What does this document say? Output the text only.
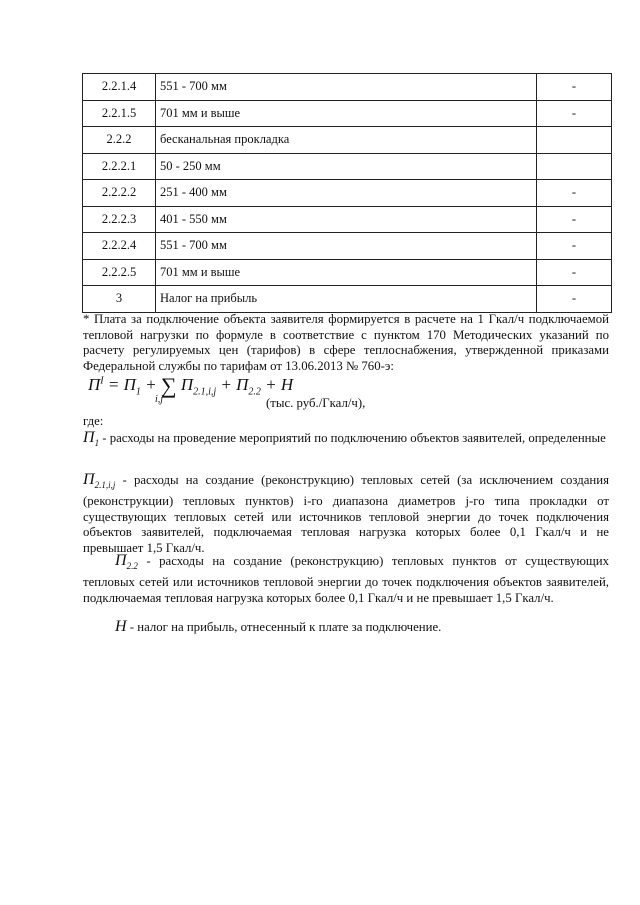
2.2.1.4	551 - 700 мм	-
2.2.1.5	701 мм и выше	-
2.2.2	бесканальная прокладка	
2.2.2.1	50 - 250 мм	
2.2.2.2	251 - 400 мм	-
2.2.2.3	401 - 550 мм	-
2.2.2.4	551 - 700 мм	-
2.2.2.5	701 мм и выше	-
3	Налог на прибыль	-
* Плата за подключение объекта заявителя формируется в расчете на 1 Гкал/ч подключаемой тепловой нагрузки по формуле в соответствие с пунктом 170 Методических указаний по расчету регулируемых цен (тарифов) в сфере теплоснабжения, утвержденной приказами Федеральной службы по тарифам от 13.06.2013 № 760-э:
$П^I = П_1$ + ∑ $П_{2.1,i,j} + П_{2.2} + Н$
i,j	(тыс. руб./Гкал/ч),
где:
$П_1$ - расходы на проведение мероприятий по подключению объектов заявителей, определенные
$П_{2.1,i,j}$ - расходы на создание (реконструкцию) тепловых сетей (за исключением создания (реконструкции) тепловых пунктов) i-го диапазона диаметров j-го типа прокладки от существующих тепловых сетей или источников тепловой энергии до точек подключения объектов заявителей, подключаемая тепловая нагрузка которых более 0,1 Гкал/ч и не превышает 1,5 Гкал/ч.
$П_{2.2}$ - расходы на создание (реконструкцию) тепловых пунктов от существующих тепловых сетей или источников тепловой энергии до точек подключения объектов заявителей, подключаемая тепловая нагрузка которых более 0,1 Гкал/ч и не превышает 1,5 Гкал/ч.
Н - налог на прибыль, отнесенный к плате за подключение.
